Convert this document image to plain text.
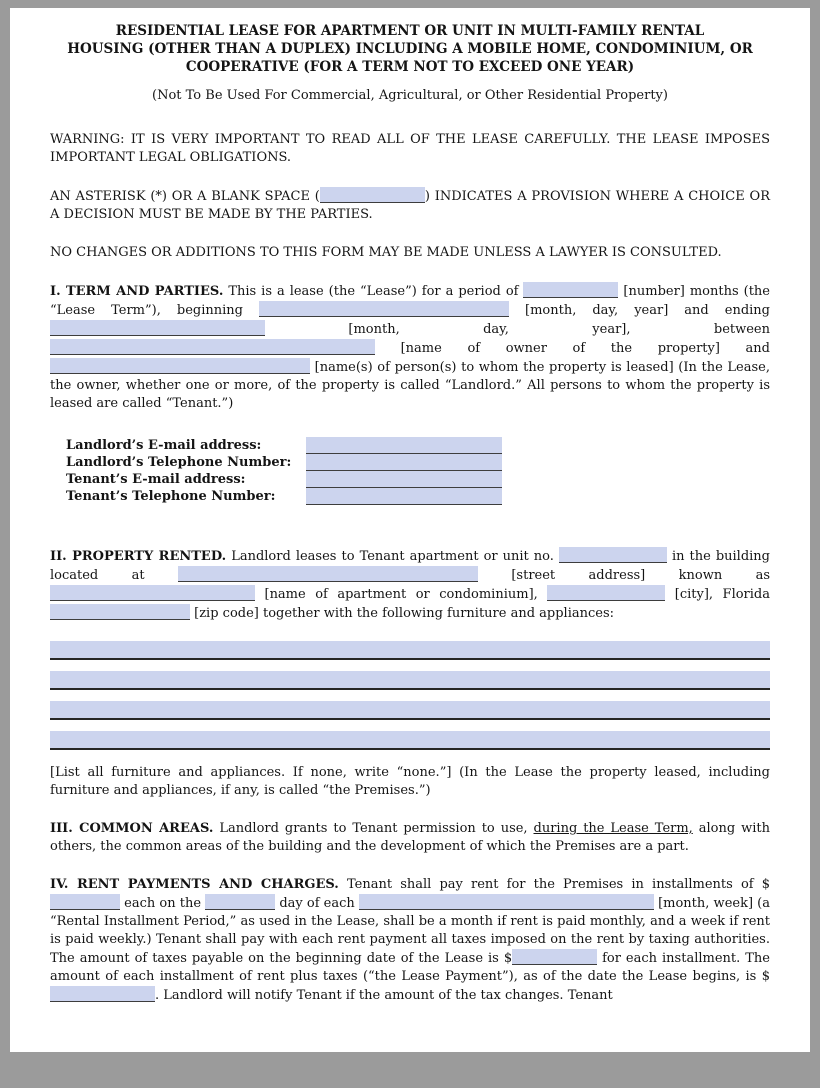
RESIDENTIAL LEASE FOR APARTMENT OR UNIT IN MULTI-FAMILY RENTAL
HOUSING (OTHER THAN A DUPLEX) INCLUDING A MOBILE HOME, CONDOMINIUM, OR
COOPERATIVE (FOR A TERM NOT TO EXCEED ONE YEAR)

(Not To Be Used For Commercial, Agricultural, or Other Residential Property)

WARNING: IT IS VERY IMPORTANT TO READ ALL OF THE LEASE CAREFULLY. THE LEASE IMPOSES IMPORTANT LEGAL OBLIGATIONS.

AN ASTERISK (*) OR A BLANK SPACE (	) INDICATES A PROVISION WHERE A CHOICE OR A DECISION MUST BE MADE BY THE PARTIES.

NO CHANGES OR ADDITIONS TO THIS FORM MAY BE MADE UNLESS A LAWYER IS CONSULTED.

I. TERM AND PARTIES. This is a lease (the “Lease”) for a period of	[number] months (the “Lease Term”), beginning	[month, day, year] and ending  [month, day, year], between  [name of owner of the property] and  [name(s) of person(s) to whom the property is leased] (In the Lease, the owner, whether one or more, of the property is called “Landlord.” All persons to whom the property is leased are called “Tenant.”)

Landlord’s E-mail address:
Landlord’s Telephone Number:
Tenant’s E-mail address:
Tenant’s Telephone Number:

II. PROPERTY RENTED. Landlord leases to Tenant apartment or unit no.	in the building located at	[street address] known as  [name of apartment or condominium],	[city], Florida  [zip code] together with the following furniture and appliances:

[List all furniture and appliances. If none, write “none.”] (In the Lease the property leased, including furniture and appliances, if any, is called “the Premises.”)

III. COMMON AREAS. Landlord grants to Tenant permission to use, during the Lease Term, along with others, the common areas of the building and the development of which the Premises are a part.

IV. RENT PAYMENTS AND CHARGES. Tenant shall pay rent for the Premises in installments of $ each on the	day of each	[month, week] (a “Rental Installment Period,” as used in the Lease, shall be a month if rent is paid monthly, and a week if rent is paid weekly.) Tenant shall pay with each rent payment all taxes imposed on the rent by taxing authorities. The amount of taxes payable on the beginning date of the Lease is $	for each installment. The amount of each installment of rent plus taxes (“the Lease Payment”), as of the date the Lease begins, is $. Landlord will notify Tenant if the amount of the tax changes. Tenant
